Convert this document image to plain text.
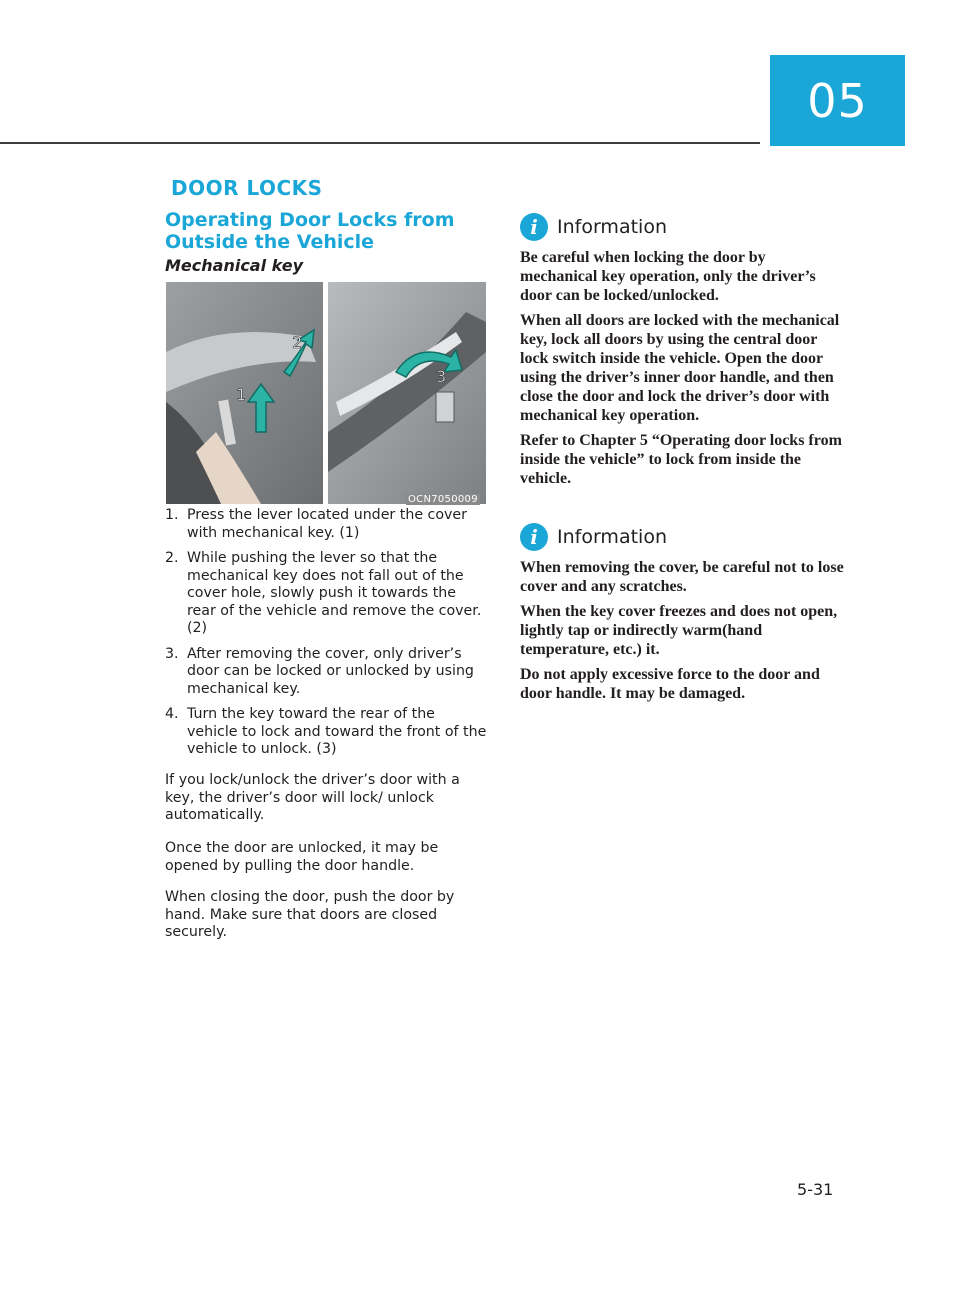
05
DOOR LOCKS
Operating Door Locks from Outside the Vehicle
Mechanical key
1
2
3
OCN7050009
1. Press the lever located under the cover with mechanical key. (1)
2. While pushing the lever so that the mechanical key does not fall out of the cover hole, slowly push it towards the rear of the vehicle and remove the cover. (2)
3. After removing the cover, only driver’s door can be locked or unlocked by using mechanical key.
4. Turn the key toward the rear of the vehicle to lock and toward the front of the vehicle to unlock. (3)

If you lock/unlock the driver’s door with a key, the driver’s door will lock/ unlock automatically.

Once the door are unlocked, it may be opened by pulling the door handle.

When closing the door, push the door by hand. Make sure that doors are closed securely.

i	Information

Be careful when locking the door by mechanical key operation, only the driver’s door can be locked/unlocked.

When all doors are locked with the mechanical key, lock all doors by using the central door lock switch inside the vehicle. Open the door using the driver’s inner door handle, and then close the door and lock the driver’s door with mechanical key operation.

Refer to Chapter 5 “Operating door locks from inside the vehicle” to lock from inside the vehicle.

i	Information

When removing the cover, be careful not to lose cover and any scratches.

When the key cover freezes and does not open, lightly tap or indirectly warm(hand temperature, etc.) it.

Do not apply excessive force to the door and door handle. It may be damaged.

5-31
